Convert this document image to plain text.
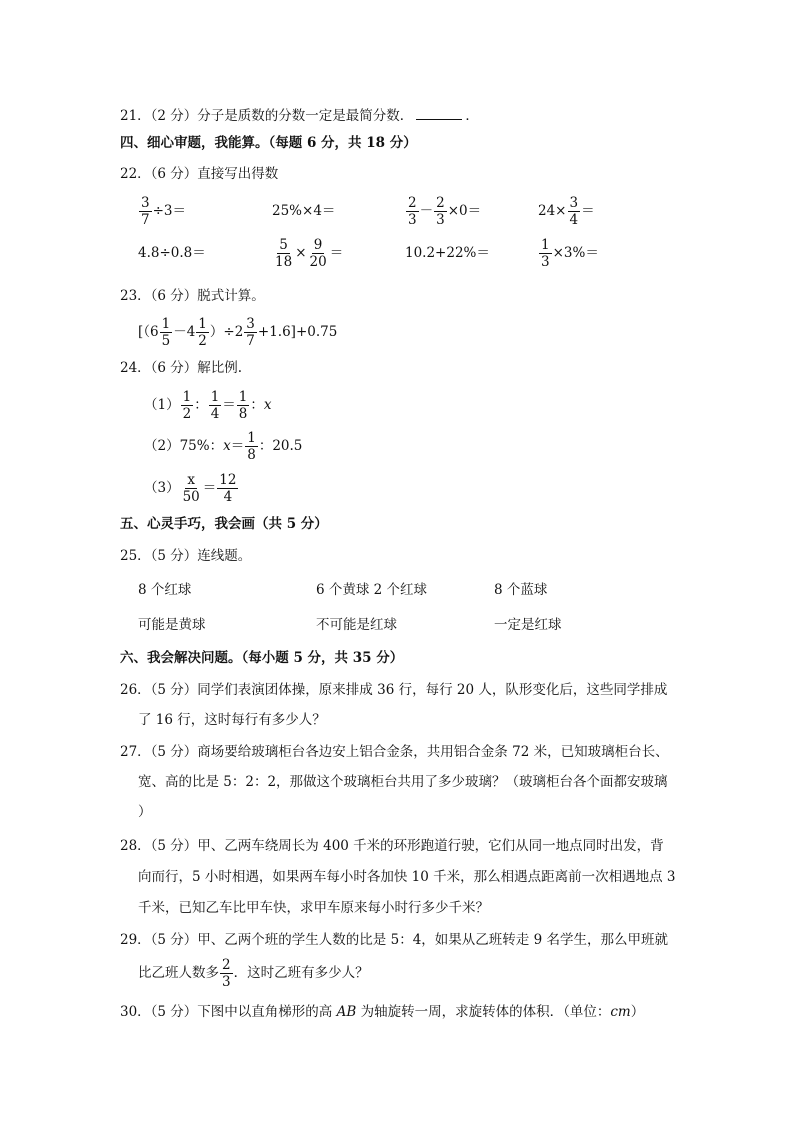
21．（2 分）分子是质数的分数一定是最简分数．	．
四、细心审题，我能算。（每题 6 分，共 18 分）
22．（6 分）直接写出得数
$\frac{3}{7} \div 3=$	25%×4＝	$\frac{2}{3} - \frac{2}{3} \times 0=$	$24\times \frac{3}{4}$ ＝
4.8÷0.8＝	$\frac{5}{18} \times \frac{9}{20}$ ＝	10.2+22%＝	$\frac{1}{3} \times 3\%=$
23．（6 分）脱式计算。
$[(6 \frac{1}{5} -4 \frac{1}{2} )\div 2 \frac{3}{7} +1.6]+0.75$
24．（6 分）解比例.
$(1) \frac{1}{2}$ ： $\frac{1}{4} = \frac{1}{8}$ ：x
（2）75%：$x= \frac{1}{8}$ ：20.5
$(3) \frac{x}{50} = \frac{12}{4}$
五、心灵手巧，我会画（共 5 分）
25．（5 分）连线题。
8 个红球	6 个黄球 2 个红球	8 个蓝球
可能是黄球	不可能是红球	一定是红球
六、我会解决问题。（每小题 5 分，共 35 分）
26．（5 分）同学们表演团体操，原来排成 36 行，每行 20 人，队形变化后，这些同学排成
了 16 行，这时每行有多少人？
27．（5 分）商场要给玻璃柜台各边安上铝合金条，共用铝合金条 72 米，已知玻璃柜台长、
宽、高的比是 5：2：2，那做这个玻璃柜台共用了多少玻璃？（玻璃柜台各个面都安玻璃
）
28．（5 分）甲、乙两车绕周长为 400 千米的环形跑道行驶，它们从同一地点同时出发，背
向而行，5 小时相遇，如果两车每小时各加快 10 千米，那么相遇点距离前一次相遇地点 3
千米，已知乙车比甲车快，求甲车原来每小时行多少千米？
29．（5 分）甲、乙两个班的学生人数的比是 5：4，如果从乙班转走 9 名学生，那么甲班就
比乙班人数多 $\frac{2}{3}$ ．这时乙班有多少人？
30．（5 分）下图中以直角梯形的高 AB 为轴旋转一周，求旋转体的体积．（单位：cm）
